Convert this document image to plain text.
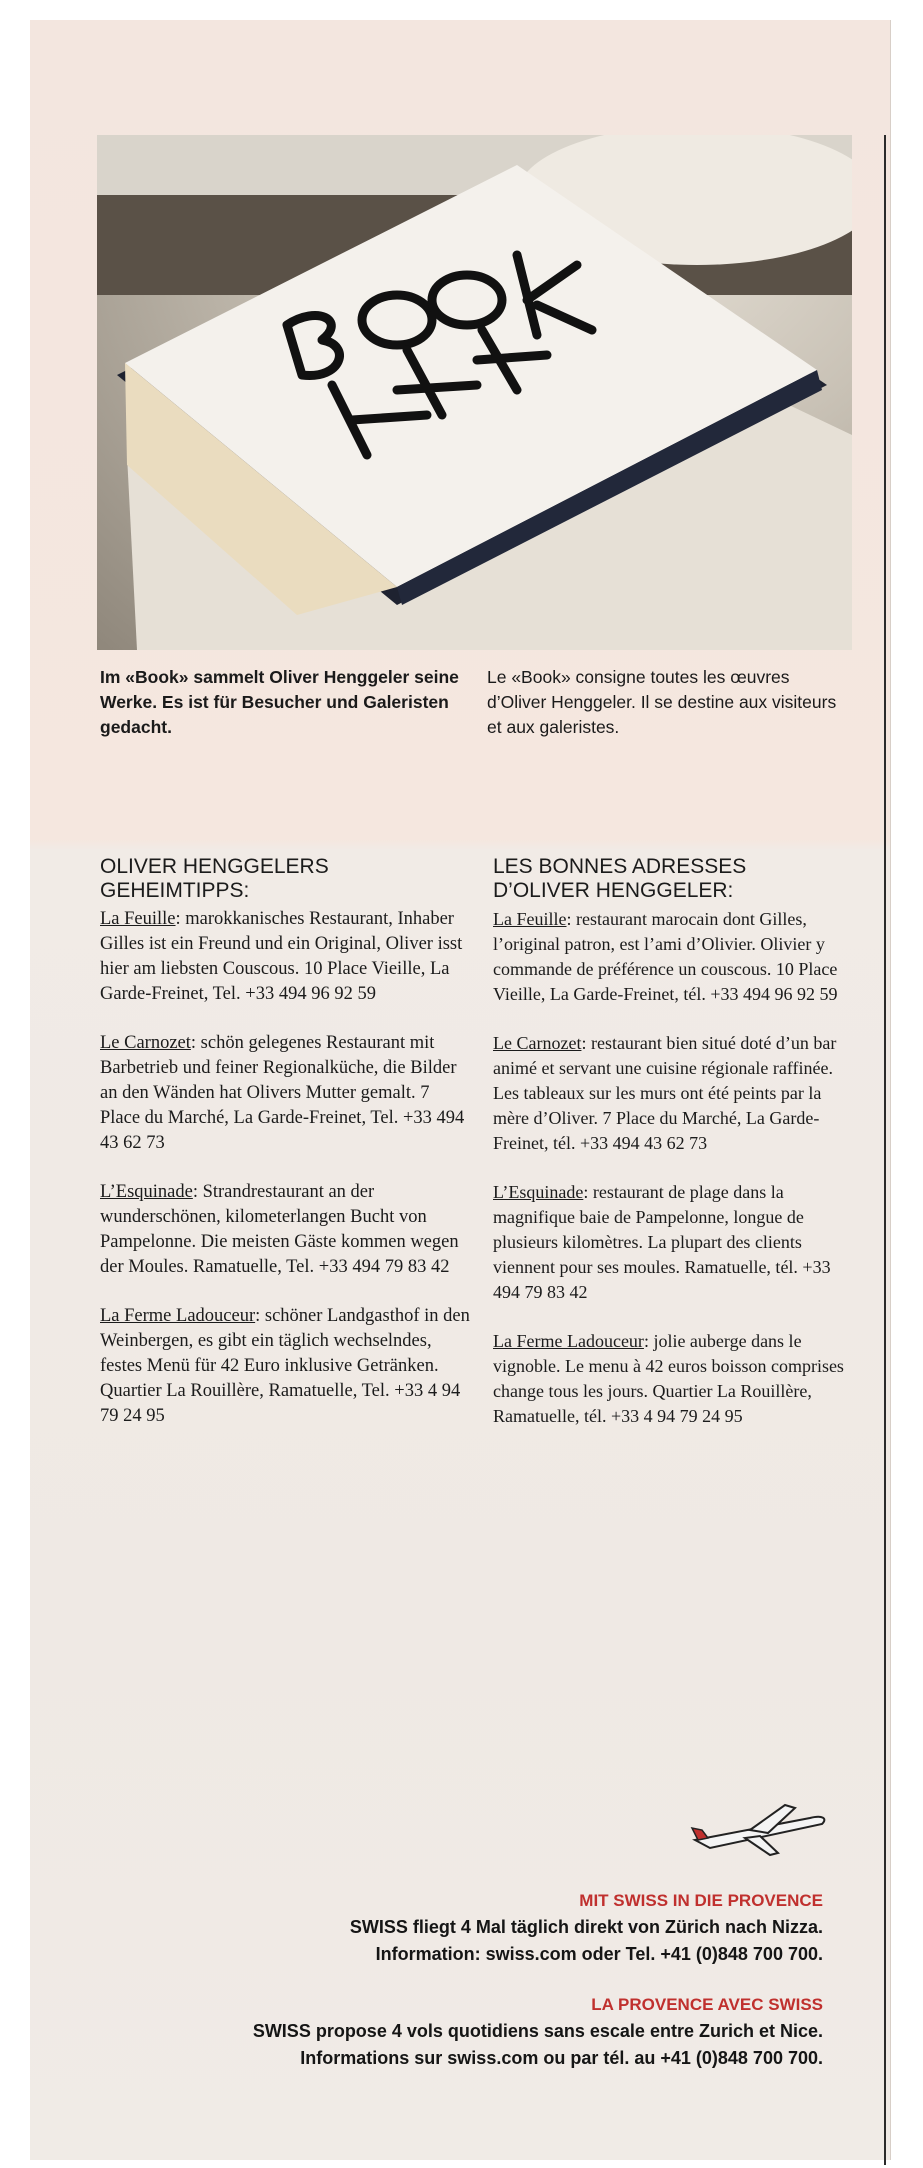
Im «Book» sammelt Oliver Henggeler seine Werke. Es ist für Besucher und Galeristen gedacht.
Le «Book» consigne toutes les œuvres d’Oliver Henggeler. Il se destine aux visiteurs et aux galeristes.
OLIVER HENGGELERS
GEHEIMTIPPS:

La Feuille: marokkanisches Restaurant, Inhaber Gilles ist ein Freund und ein Original, Oliver isst hier am liebsten Couscous. 10 Place Vieille, La Garde-Freinet, Tel. +33 494 96 92 59

Le Carnozet: schön gelegenes Restaurant mit Barbetrieb und feiner Regionalküche, die Bilder an den Wänden hat Olivers Mutter gemalt. 7 Place du Marché, La Garde-Freinet, Tel. +33 494 43 62 73

L’Esquinade: Strandrestaurant an der wunderschönen, kilometerlangen Bucht von Pampelonne. Die meisten Gäste kommen wegen der Moules. Ramatuelle, Tel. +33 494 79 83 42

La Ferme Ladouceur: schöner Landgasthof in den Weinbergen, es gibt ein täglich wechselndes, festes Menü für 42 Euro inklusive Getränken. Quartier La Rouillère, Ramatuelle, Tel. +33 4 94 79 24 95

LES BONNES ADRESSES
D’OLIVER HENGGELER:

La Feuille: restaurant marocain dont Gilles, l’original patron, est l’ami d’Olivier. Olivier y commande de préférence un couscous. 10 Place Vieille, La Garde-Freinet, tél. +33 494 96 92 59

Le Carnozet: restaurant bien situé doté d’un bar animé et servant une cuisine régionale raffinée. Les tableaux sur les murs ont été peints par la mère d’Oliver. 7 Place du Marché, La Garde-Freinet, tél. +33 494 43 62 73

L’Esquinade: restaurant de plage dans la magnifique baie de Pampelonne, longue de plusieurs kilomètres. La plupart des clients viennent pour ses moules. Ramatuelle, tél. +33 494 79 83 42

La Ferme Ladouceur: jolie auberge dans le vignoble. Le menu à 42 euros boisson comprises change tous les jours. Quartier La Rouillère, Ramatuelle, tél. +33 4 94 79 24 95

MIT SWISS IN DIE PROVENCE
SWISS fliegt 4 Mal täglich direkt von Zürich nach Nizza.
Information: swiss.com oder Tel. +41 (0)848 700 700.
LA PROVENCE AVEC SWISS
SWISS propose 4 vols quotidiens sans escale entre Zurich et Nice.
Informations sur swiss.com ou par tél. au +41 (0)848 700 700.
